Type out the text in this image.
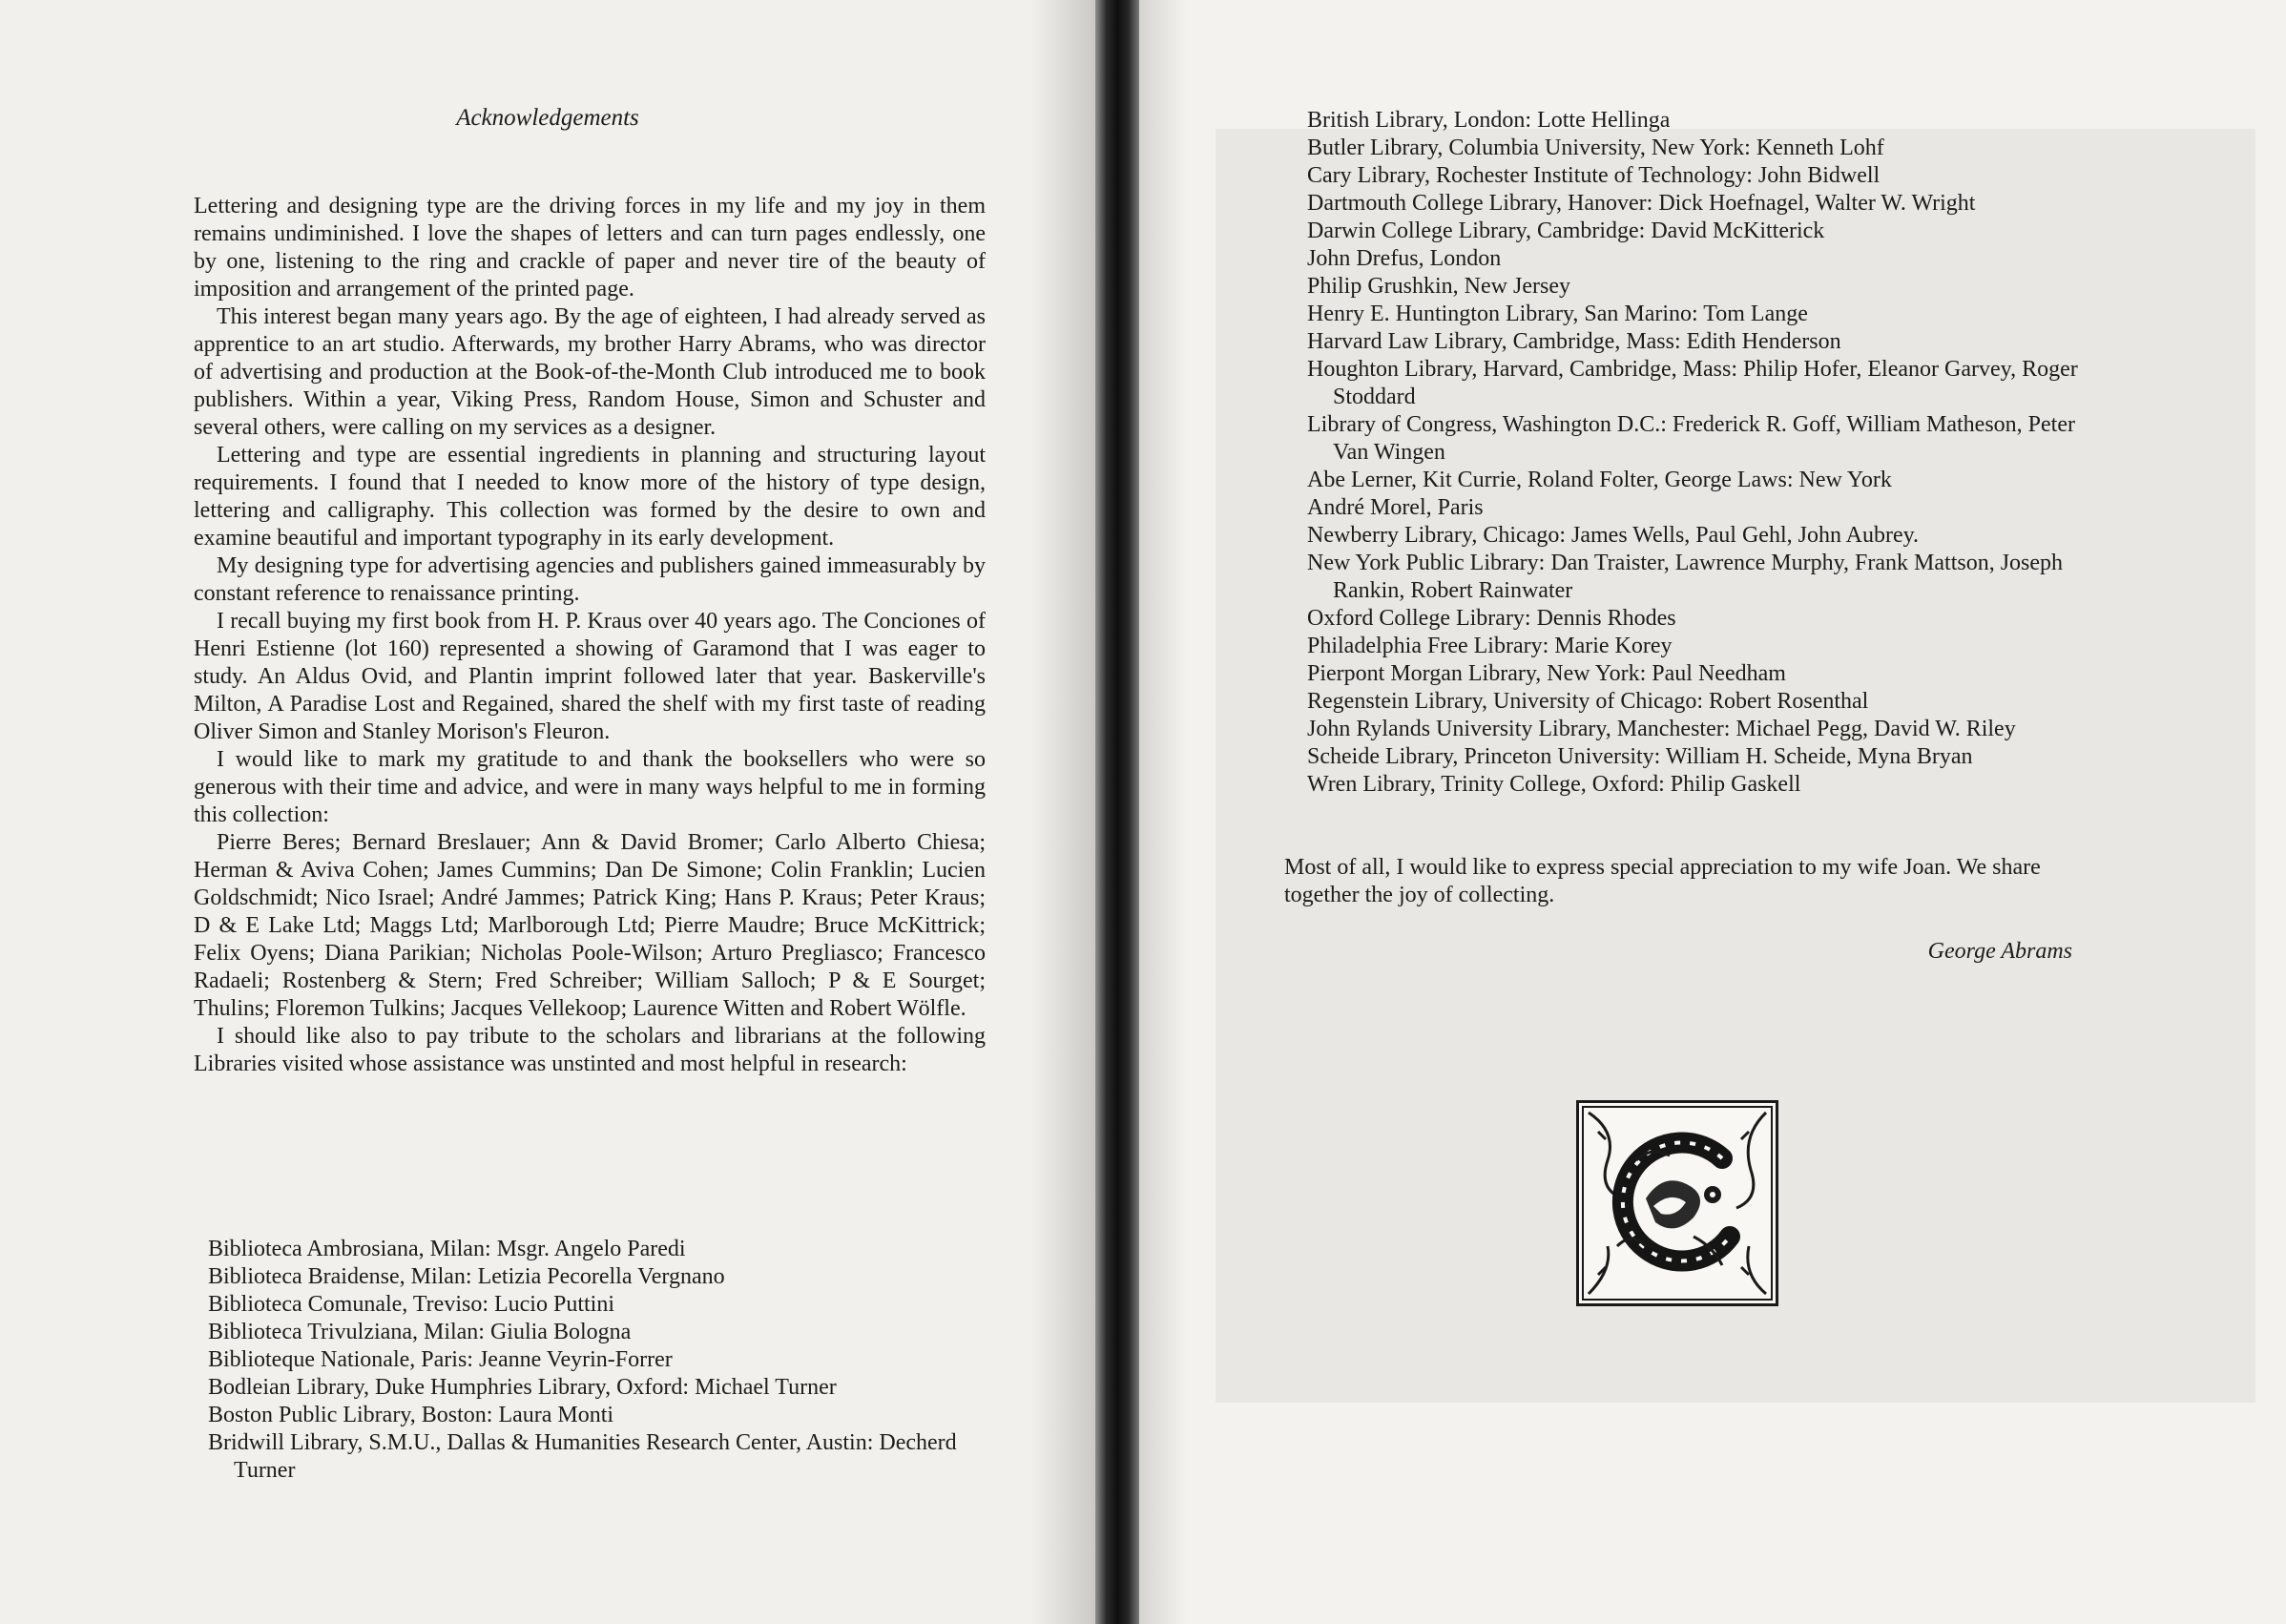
Acknowledgements

Lettering and designing type are the driving forces in my life and my joy in them remains undiminished. I love the shapes of letters and can turn pages endlessly, one by one, listening to the ring and crackle of paper and never tire of the beauty of imposition and arrangement of the printed page.

This interest began many years ago. By the age of eighteen, I had already served as apprentice to an art studio. Afterwards, my brother Harry Abrams, who was director of advertising and production at the Book-of-the-Month Club introduced me to book publishers. Within a year, Viking Press, Random House, Simon and Schuster and several others, were calling on my services as a designer.

Lettering and type are essential ingredients in planning and structuring layout requirements. I found that I needed to know more of the history of type design, lettering and calligraphy. This collection was formed by the desire to own and examine beautiful and important typography in its early development.

My designing type for advertising agencies and publishers gained immeasurably by constant reference to renaissance printing.

I recall buying my first book from H. P. Kraus over 40 years ago. The Conciones of Henri Estienne (lot 160) represented a showing of Garamond that I was eager to study. An Aldus Ovid, and Plantin imprint followed later that year. Baskerville's Milton, A Paradise Lost and Regained, shared the shelf with my first taste of reading Oliver Simon and Stanley Morison's Fleuron.

I would like to mark my gratitude to and thank the booksellers who were so generous with their time and advice, and were in many ways helpful to me in forming this collection:

Pierre Beres; Bernard Breslauer; Ann & David Bromer; Carlo Alberto Chiesa; Herman & Aviva Cohen; James Cummins; Dan De Simone; Colin Franklin; Lucien Goldschmidt; Nico Israel; André Jammes; Patrick King; Hans P. Kraus; Peter Kraus; D & E Lake Ltd; Maggs Ltd; Marlborough Ltd; Pierre Maudre; Bruce McKittrick; Felix Oyens; Diana Parikian; Nicholas Poole-Wilson; Arturo Pregliasco; Francesco Radaeli; Rostenberg & Stern; Fred Schreiber; William Salloch; P & E Sourget; Thulins; Floremon Tulkins; Jacques Vellekoop; Laurence Witten and Robert Wölfle.

I should like also to pay tribute to the scholars and librarians at the following Libraries visited whose assistance was unstinted and most helpful in research:

Biblioteca Ambrosiana, Milan: Msgr. Angelo Paredi
Biblioteca Braidense, Milan: Letizia Pecorella Vergnano
Biblioteca Comunale, Treviso: Lucio Puttini
Biblioteca Trivulziana, Milan: Giulia Bologna
Biblioteque Nationale, Paris: Jeanne Veyrin-Forrer
Bodleian Library, Duke Humphries Library, Oxford: Michael Turner
Boston Public Library, Boston: Laura Monti
Bridwill Library, S.M.U., Dallas & Humanities Research Center, Austin: Decherd Turner
British Library, London: Lotte Hellinga
Butler Library, Columbia University, New York: Kenneth Lohf
Cary Library, Rochester Institute of Technology: John Bidwell
Dartmouth College Library, Hanover: Dick Hoefnagel, Walter W. Wright
Darwin College Library, Cambridge: David McKitterick
John Drefus, London
Philip Grushkin, New Jersey
Henry E. Huntington Library, San Marino: Tom Lange
Harvard Law Library, Cambridge, Mass: Edith Henderson
Houghton Library, Harvard, Cambridge, Mass: Philip Hofer, Eleanor Garvey, Roger Stoddard
Library of Congress, Washington D.C.: Frederick R. Goff, William Matheson, Peter Van Wingen
Abe Lerner, Kit Currie, Roland Folter, George Laws: New York
André Morel, Paris
Newberry Library, Chicago: James Wells, Paul Gehl, John Aubrey.
New York Public Library: Dan Traister, Lawrence Murphy, Frank Mattson, Joseph Rankin, Robert Rainwater
Oxford College Library: Dennis Rhodes
Philadelphia Free Library: Marie Korey
Pierpont Morgan Library, New York: Paul Needham
Regenstein Library, University of Chicago: Robert Rosenthal
John Rylands University Library, Manchester: Michael Pegg, David W. Riley
Scheide Library, Princeton University: William H. Scheide, Myna Bryan
Wren Library, Trinity College, Oxford: Philip Gaskell

Most of all, I would like to express special appreciation to my wife Joan. We share together the joy of collecting.

George Abrams
